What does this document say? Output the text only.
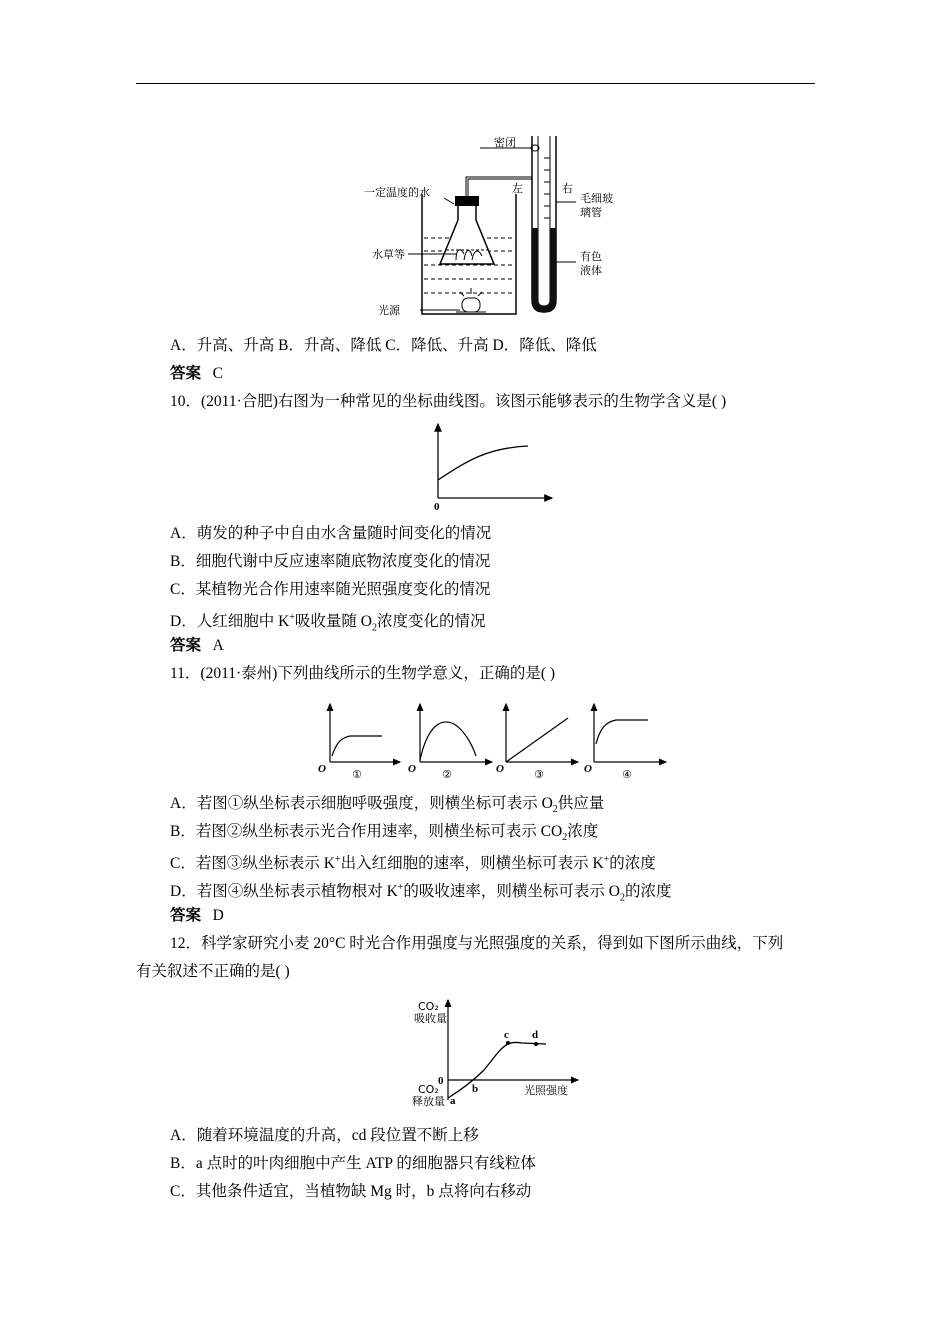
密闭
一定温度的水
水草等
光源
左	右
毛细玻
璃管
有色
液体
A．升高、升高 B．升高、降低 C．降低、升高 D．降低、降低
答案 C
10．(2011·合肥)右图为一种常见的坐标曲线图。该图示能够表示的生物学含义是( )
0
A．萌发的种子中自由水含量随时间变化的情况
B．细胞代谢中反应速率随底物浓度变化的情况
C．某植物光合作用速率随光照强度变化的情况
D．人红细胞中 K+吸收量随 $O_2$浓度变化的情况
答案 A
11．(2011·泰州)下列曲线所示的生物学意义，正确的是( )
O ①	O ②	O	③	O	④
A．若图①纵坐标表示细胞呼吸强度，则横坐标可表示 $O_2$供应量
B．若图②纵坐标表示光合作用速率，则横坐标可表示 $CO_2$浓度
C．若图③纵坐标表示 K+出入红细胞的速率，则横坐标可表示 K+的浓度
D．若图④纵坐标表示植物根对 K+的吸收速率，则横坐标可表示 $O_2$的浓度
答案 D
12．科学家研究小麦 20°C 时光合作用强度与光照强度的关系，得到如下图所示曲线，下列
有关叙述不正确的是( )
CO₂
吸收量
0
CO₂
释放量
光照强度
a
b
c d
A．随着环境温度的升高，cd 段位置不断上移
B．a 点时的叶肉细胞中产生 ATP 的细胞器只有线粒体
C．其他条件适宜，当植物缺 Mg 时，b 点将向右移动
